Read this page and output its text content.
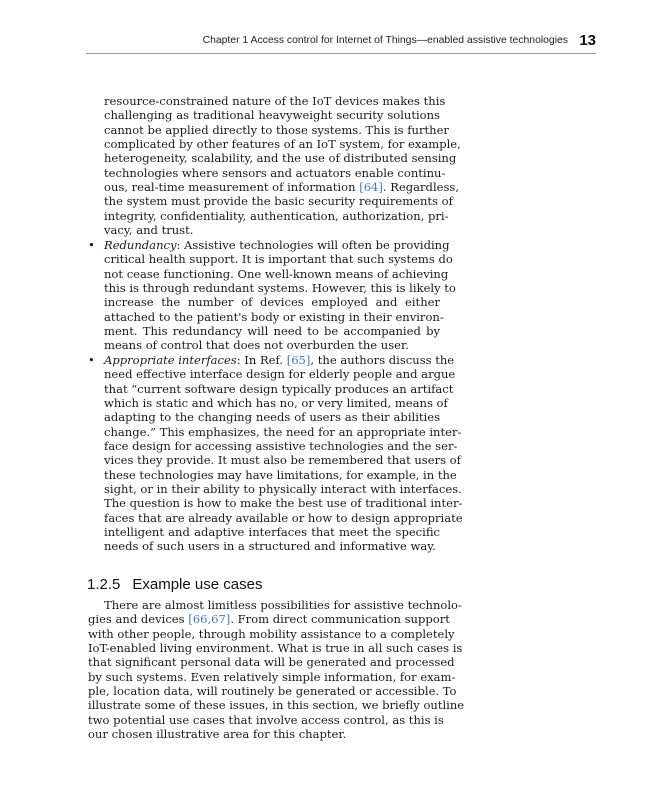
Chapter 1 Access control for Internet of Things—enabled assistive technologies 13
resource-constrained nature of the IoT devices makes this
challenging as traditional heavyweight security solutions
cannot be applied directly to those systems. This is further
complicated by other features of an IoT system, for example,
heterogeneity, scalability, and the use of distributed sensing
technologies where sensors and actuators enable continu-
ous, real-time measurement of information [64]. Regardless,
the system must provide the basic security requirements of
integrity, confidentiality, authentication, authorization, pri-
vacy, and trust.
• Redundancy: Assistive technologies will often be providing
critical health support. It is important that such systems do
not cease functioning. One well-known means of achieving
this is through redundant systems. However, this is likely to
increase the number of devices employed and either
attached to the patient's body or existing in their environ-
ment. This redundancy will need to be accompanied by
means of control that does not overburden the user.
• Appropriate interfaces: In Ref. [65], the authors discuss the
need effective interface design for elderly people and argue
that “current software design typically produces an artifact
which is static and which has no, or very limited, means of
adapting to the changing needs of users as their abilities
change.” This emphasizes, the need for an appropriate inter-
face design for accessing assistive technologies and the ser-
vices they provide. It must also be remembered that users of
these technologies may have limitations, for example, in the
sight, or in their ability to physically interact with interfaces.
The question is how to make the best use of traditional inter-
faces that are already available or how to design appropriate
intelligent and adaptive interfaces that meet the specific
needs of such users in a structured and informative way.
1.2.5 Example use cases
There are almost limitless possibilities for assistive technolo-
gies and devices [66,67]. From direct communication support
with other people, through mobility assistance to a completely
IoT-enabled living environment. What is true in all such cases is
that significant personal data will be generated and processed
by such systems. Even relatively simple information, for exam-
ple, location data, will routinely be generated or accessible. To
illustrate some of these issues, in this section, we briefly outline
two potential use cases that involve access control, as this is
our chosen illustrative area for this chapter.
